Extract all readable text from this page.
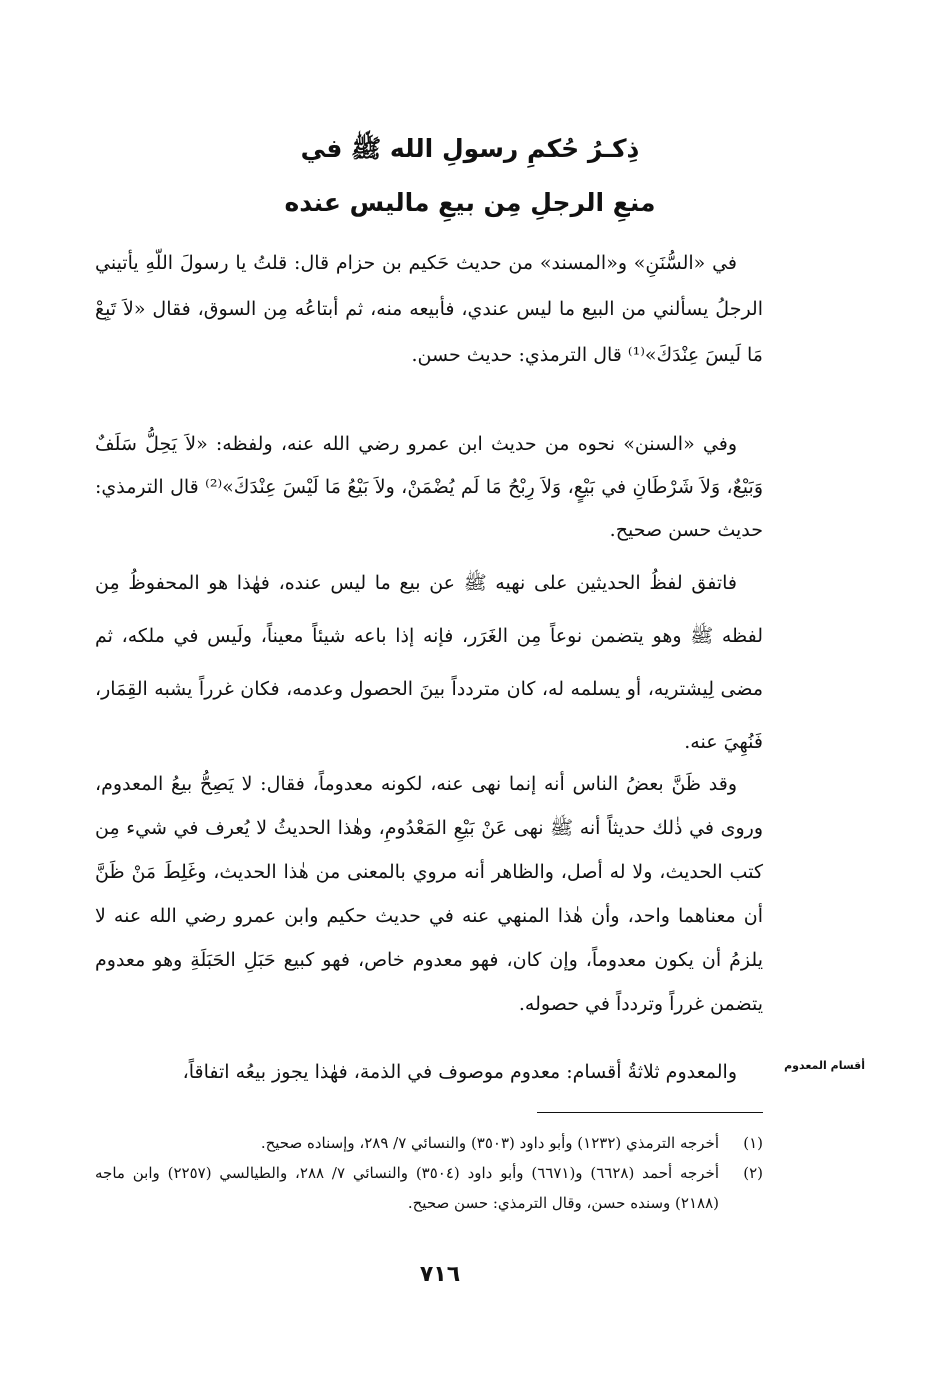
ذِكـرُ حُكمِ رسولِ الله ﷺ في
منعِ الرجلِ مِن بيعِ ماليس عنده

في «السُّنَنِ» و«المسند» من حديث حَكيم بن حزام قال: قلتُ يا رسولَ اللّهِ يأتيني الرجلُ يسألني من البيع ما ليس عندي، فأبيعه منه، ثم أبتاعُه مِن السوق، فقال «لاَ تَبِعْ مَا لَيسَ عِنْدَكَ»⁽¹⁾ قال الترمذي: حديث حسن.

وفي «السنن» نحوه من حديث ابن عمرو رضي الله عنه، ولفظه: «لاَ يَحِلُّ سَلَفٌ وَبَيْعٌ، وَلاَ شَرْطَانِ في بَيْعٍ، وَلاَ رِبْحُ مَا لَم يُضْمَنْ، ولاَ بَيْعُ مَا لَيْسَ عِنْدَكَ»⁽²⁾ قال الترمذي: حديث حسن صحيح.

فاتفق لفظُ الحديثين على نهيه ﷺ عن بيع ما ليس عنده، فهٰذا هو المحفوظُ مِن لفظه ﷺ وهو يتضمن نوعاً مِن الغَرَر، فإنه إذا باعه شيئاً معيناً، ولَيس في ملكه، ثم مضى لِيشتريه، أو يسلمه له، كان متردداً بينَ الحصول وعدمه، فكان غرراً يشبه القِمَار، فَنُهِيَ عنه.

وقد ظَنَّ بعضُ الناس أنه إنما نهى عنه، لكونه معدوماً، فقال: لا يَصِحُّ بيعُ المعدوم، وروى في ذٰلك حديثاً أنه ﷺ نهى عَنْ بَيْعِ المَعْدُومِ، وهٰذا الحديثُ لا يُعرف في شيء مِن كتب الحديث، ولا له أصل، والظاهر أنه مروي بالمعنى من هٰذا الحديث، وغَلِطَ مَنْ ظَنَّ أن معناهما واحد، وأن هٰذا المنهي عنه في حديث حكيم وابن عمرو رضي الله عنه لا يلزمُ أن يكون معدوماً، وإن كان، فهو معدوم خاص، فهو كبيع حَبَلِ الحَبَلَةِ وهو معدوم يتضمن غرراً وتردداً في حصوله.

والمعدوم ثلاثةُ أقسام: معدوم موصوف في الذمة، فهٰذا يجوز بيعُه اتفاقاً،	أقسام المعدوم
(١)
أخرجه الترمذي (١٢٣٢) وأبو داود (٣٥٠٣) والنسائي ٧/ ٢٨٩، وإسناده صحيح.
(٢)
أخرجه أحمد (٦٦٢٨) و(٦٦٧١) وأبو داود (٣٥٠٤) والنسائي ٧/ ٢٨٨، والطيالسي (٢٢٥٧) وابن ماجه (٢١٨٨) وسنده حسن، وقال الترمذي: حسن صحيح.
٧١٦
